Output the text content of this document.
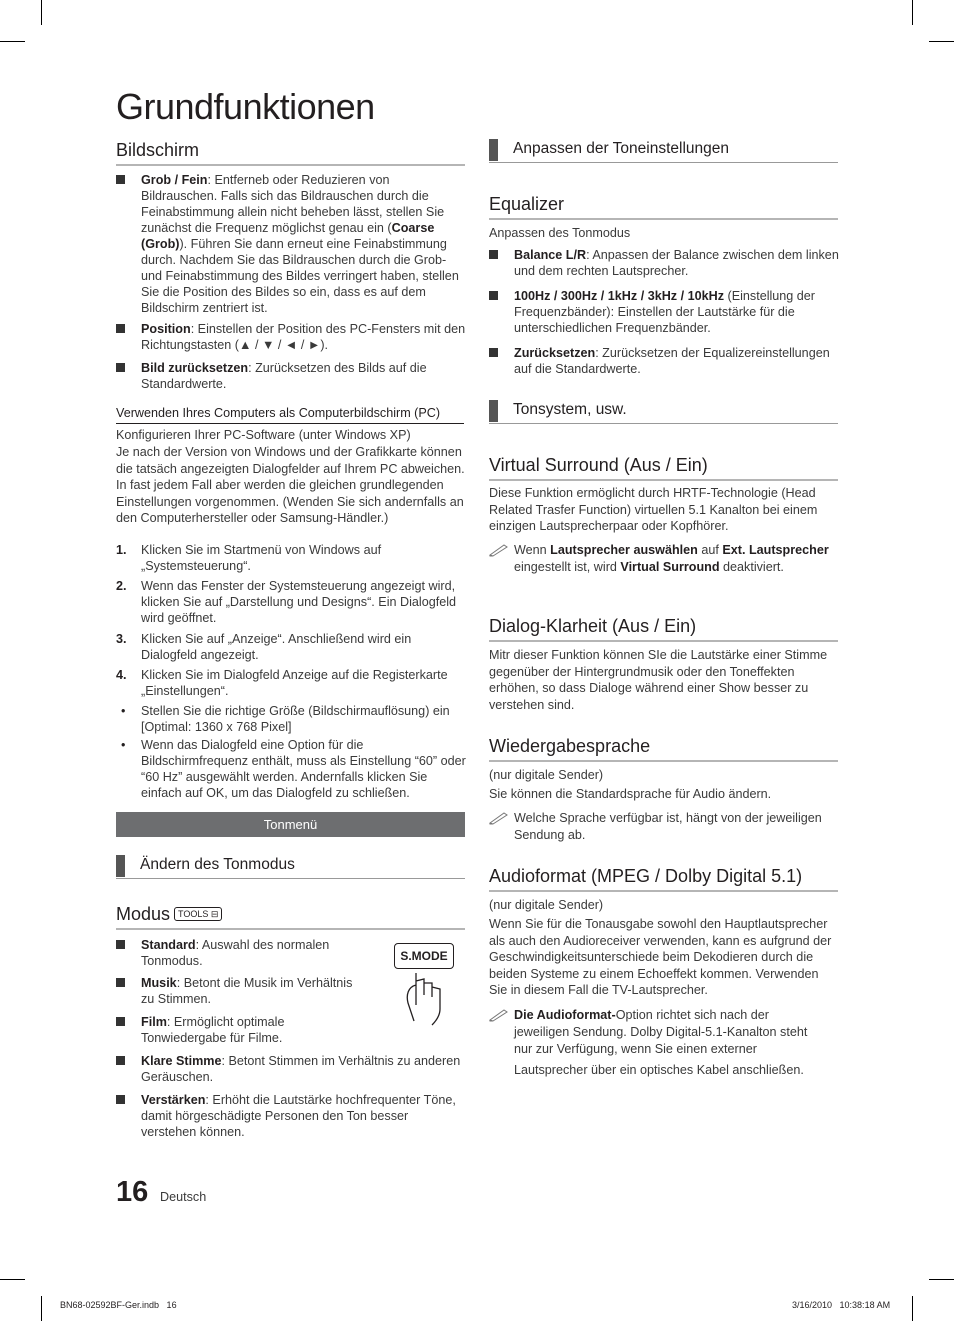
Grundfunktionen
Bildschirm
Grob / Fein: Entferneb oder Reduzieren von Bildrauschen. Falls sich das Bildrauschen durch die Feinabstimmung allein nicht beheben lässt, stellen Sie zunächst die Frequenz möglichst genau ein (Coarse (Grob)). Führen Sie dann erneut eine Feinabstimmung durch. Nachdem Sie das Bildrauschen durch die Grob- und Feinabstimmung des Bildes verringert haben, stellen Sie die Position des Bildes so ein, dass es auf dem Bildschirm zentriert ist.
Position: Einstellen der Position des PC-Fensters mit den Richtungstasten (▲ / ▼ / ◄ / ►).
Bild zurücksetzen: Zurücksetzen des Bilds auf die Standardwerte.
Verwenden Ihres Computers als Computerbildschirm (PC)
Konfigurieren Ihrer PC-Software (unter Windows XP)
Je nach der Version von Windows und der Grafikkarte können die tatsäch angezeigten Dialogfelder auf Ihrem PC abweichen. In fast jedem Fall aber werden die gleichen grundlegenden Einstellungen vorgenommen. (Wenden Sie sich andernfalls an den Computerhersteller oder Samsung-Händler.)
1. Klicken Sie im Startmenü von Windows auf „Systemsteuerung“.
2. Wenn das Fenster der Systemsteuerung angezeigt wird, klicken Sie auf „Darstellung und Designs“. Ein Dialogfeld wird geöffnet.
3. Klicken Sie auf „Anzeige“. Anschließend wird ein Dialogfeld angezeigt.
4. Klicken Sie im Dialogfeld Anzeige auf die Registerkarte „Einstellungen“.
• Stellen Sie die richtige Größe (Bildschirmauflösung) ein [Optimal: 1360 x 768 Pixel]
• Wenn das Dialogfeld eine Option für die Bildschirmfrequenz enthält, muss als Einstellung “60” oder “60 Hz” ausgewählt werden. Andernfalls klicken Sie einfach auf OK, um das Dialogfeld zu schließen.
Tonmenü
Ändern des Tonmodus
Modus TOOLS ⊟
S.MODE
Standard: Auswahl des normalen Tonmodus.
Musik: Betont die Musik im Verhältnis zu Stimmen.
Film: Ermöglicht optimale Tonwiedergabe für Filme.
Klare Stimme: Betont Stimmen im Verhältnis zu anderen Geräuschen.
Verstärken: Erhöht die Lautstärke hochfrequenter Töne, damit hörgeschädigte Personen den Ton besser verstehen können.
16 Deutsch
Anpassen der Toneinstellungen
Equalizer
Anpassen des Tonmodus
Balance L/R: Anpassen der Balance zwischen dem linken und dem rechten Lautsprecher.
100Hz / 300Hz / 1kHz / 3kHz / 10kHz (Einstellung der Frequenzbänder): Einstellen der Lautstärke für die unterschiedlichen Frequenzbänder.
Zurücksetzen: Zurücksetzen der Equalizereinstellungen auf die Standardwerte.
Tonsystem, usw.
Virtual Surround (Aus / Ein)
Diese Funktion ermöglicht durch HRTF-Technologie (Head Related Trasfer Function) virtuellen 5.1 Kanalton bei einem einzigen Lautsprecherpaar oder Kopfhörer.
Wenn Lautsprecher auswählen auf Ext. Lautsprecher eingestellt ist, wird Virtual Surround deaktiviert.
Dialog-Klarheit (Aus / Ein)
Mitr dieser Funktion können SIe die Lautstärke einer Stimme gegenüber der Hintergrundmusik oder den Toneffekten erhöhen, so dass Dialoge während einer Show besser zu verstehen sind.
Wiedergabesprache
(nur digitale Sender)
Sie können die Standardsprache für Audio ändern.
Welche Sprache verfügbar ist, hängt von der jeweiligen Sendung ab.
Audioformat (MPEG / Dolby Digital 5.1)
(nur digitale Sender)
Wenn Sie für die Tonausgabe sowohl den Hauptlautsprecher als auch den Audioreceiver verwenden, kann es aufgrund der Geschwindigkeitsunterschiede beim Dekodieren durch die beiden Systeme zu einem Echoeffekt kommen. Verwenden Sie in diesem Fall die TV-Lautsprecher.
Die Audioformat-Option richtet sich nach der jeweiligen Sendung. Dolby Digital-5.1-Kanalton steht nur zur Verfügung, wenn Sie einen externer
Lautsprecher über ein optisches Kabel anschließen.
BN68-02592BF-Ger.indb   16	3/16/2010   10:38:18 AM
